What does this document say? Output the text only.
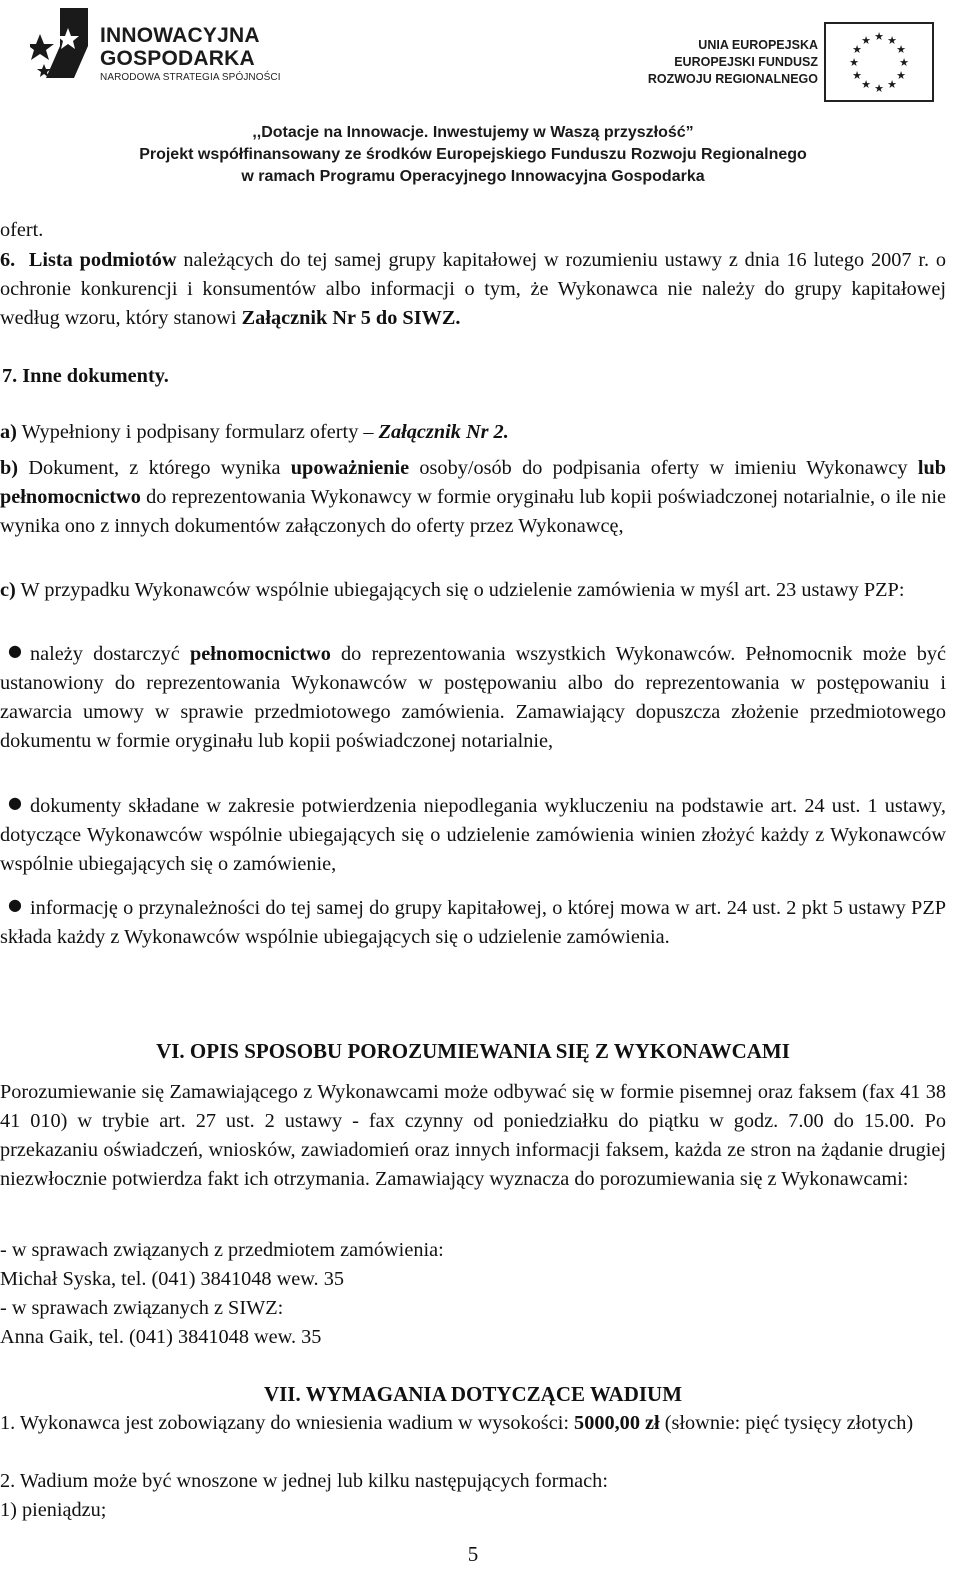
INNOWACYJNA
GOSPODARKA
NARODOWA STRATEGIA SPÓJNOŚCI
UNIA EUROPEJSKA
EUROPEJSKI FUNDUSZ
ROZWOJU REGIONALNEGO
★ ★
★
★
★
★
★
★
★
★
★
★
,,Dotacje na Innowacje. Inwestujemy w Waszą przyszłość”
Projekt współfinansowany ze środków Europejskiego Funduszu Rozwoju Regionalnego
w ramach Programu Operacyjnego Innowacyjna Gospodarka
ofert.
6. Lista podmiotów należących do tej samej grupy kapitałowej w rozumieniu ustawy z dnia 16 lutego 2007 r. o ochronie konkurencji i konsumentów albo informacji o tym, że Wykonawca nie należy do grupy kapitałowej według wzoru, który stanowi Załącznik Nr 5 do SIWZ.
7. Inne dokumenty.
a) Wypełniony i podpisany formularz oferty – Załącznik Nr 2.
b) Dokument, z którego wynika upoważnienie osoby/osób do podpisania oferty w imieniu Wykonawcy lub pełnomocnictwo do reprezentowania Wykonawcy w formie oryginału lub kopii poświadczonej notarialnie, o ile nie wynika ono z innych dokumentów załączonych do oferty przez Wykonawcę,
c) W przypadku Wykonawców wspólnie ubiegających się o udzielenie zamówienia w myśl art. 23 ustawy PZP:
● należy dostarczyć pełnomocnictwo do reprezentowania wszystkich Wykonawców. Pełnomocnik może być ustanowiony do reprezentowania Wykonawców w postępowaniu albo do reprezentowania w postępowaniu i zawarcia umowy w sprawie przedmiotowego zamówienia. Zamawiający dopuszcza złożenie przedmiotowego dokumentu w formie oryginału lub kopii poświadczonej notarialnie,
● dokumenty składane w zakresie potwierdzenia niepodlegania wykluczeniu na podstawie art. 24 ust. 1 ustawy, dotyczące Wykonawców wspólnie ubiegających się o udzielenie zamówienia winien złożyć każdy z Wykonawców wspólnie ubiegających się o zamówienie,
● informację o przynależności do tej samej do grupy kapitałowej, o której mowa w art. 24 ust. 2 pkt 5 ustawy PZP składa każdy z Wykonawców wspólnie ubiegających się o udzielenie zamówienia.
VI. OPIS SPOSOBU POROZUMIEWANIA SIĘ Z WYKONAWCAMI
Porozumiewanie się Zamawiającego z Wykonawcami może odbywać się w formie pisemnej oraz faksem (fax 41 38 41 010) w trybie art. 27 ust. 2 ustawy - fax czynny od poniedziałku do piątku w godz. 7.00 do 15.00. Po przekazaniu oświadczeń, wniosków, zawiadomień oraz innych informacji faksem, każda ze stron na żądanie drugiej niezwłocznie potwierdza fakt ich otrzymania. Zamawiający wyznacza do porozumiewania się z Wykonawcami:
- w sprawach związanych z przedmiotem zamówienia:
Michał Syska, tel. (041) 3841048 wew. 35
- w sprawach związanych z SIWZ:
Anna Gaik, tel. (041) 3841048 wew. 35
VII. WYMAGANIA DOTYCZĄCE WADIUM
1. Wykonawca jest zobowiązany do wniesienia wadium w wysokości: 5000,00 zł (słownie: pięć tysięcy złotych)
2. Wadium może być wnoszone w jednej lub kilku następujących formach:
1) pieniądzu;
5
